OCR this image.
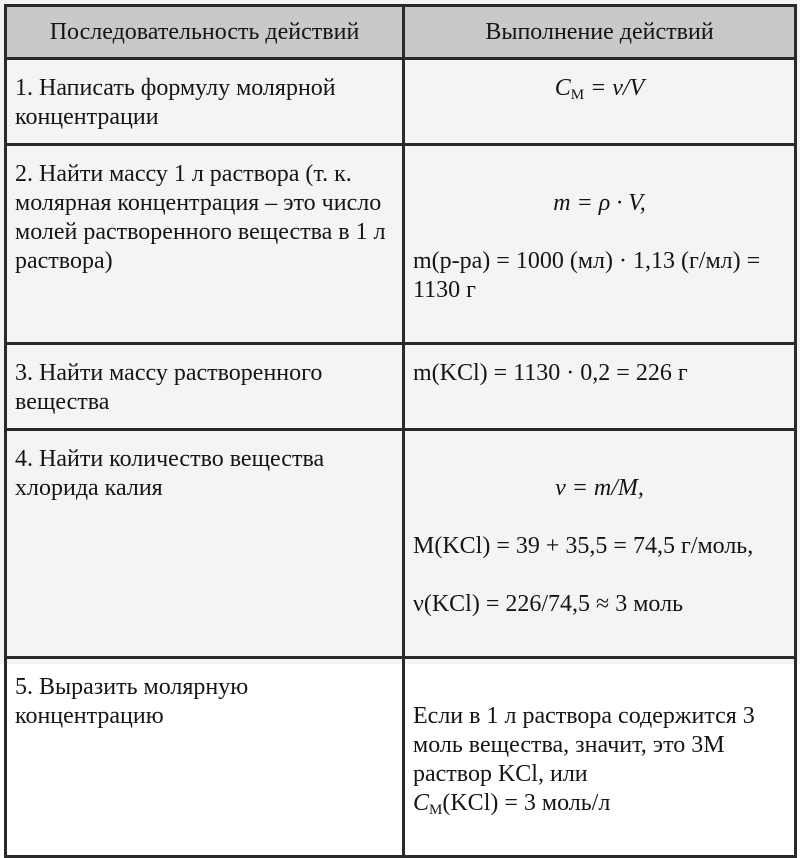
Последовательность действий	Выполнение действий

1. Написать формулу молярной концентрации	$C_M = \nu/V$

2. Найти массу 1 л раствора (т. к. молярная концентрация – это число молей растворенного вещества в 1 л раствора)	m = ρ · V,

m(р-ра) = 1000 (мл) · 1,13 (г/мл) = 1130 г

3. Найти массу растворенного вещества	m(KCl) = 1130 · 0,2 = 226 г

4. Найти количество вещества хлорида калия	ν = m/M,

M(KCl) = 39 + 35,5 = 74,5 г/моль,

ν(KCl) = 226/74,5 ≈ 3 моль

5. Выразить молярную концентрацию	Если в 1 л раствора содержится 3 моль вещества, значит, это 3М раствор KCl, или

$C_M(KCl) = 3$ моль/л
